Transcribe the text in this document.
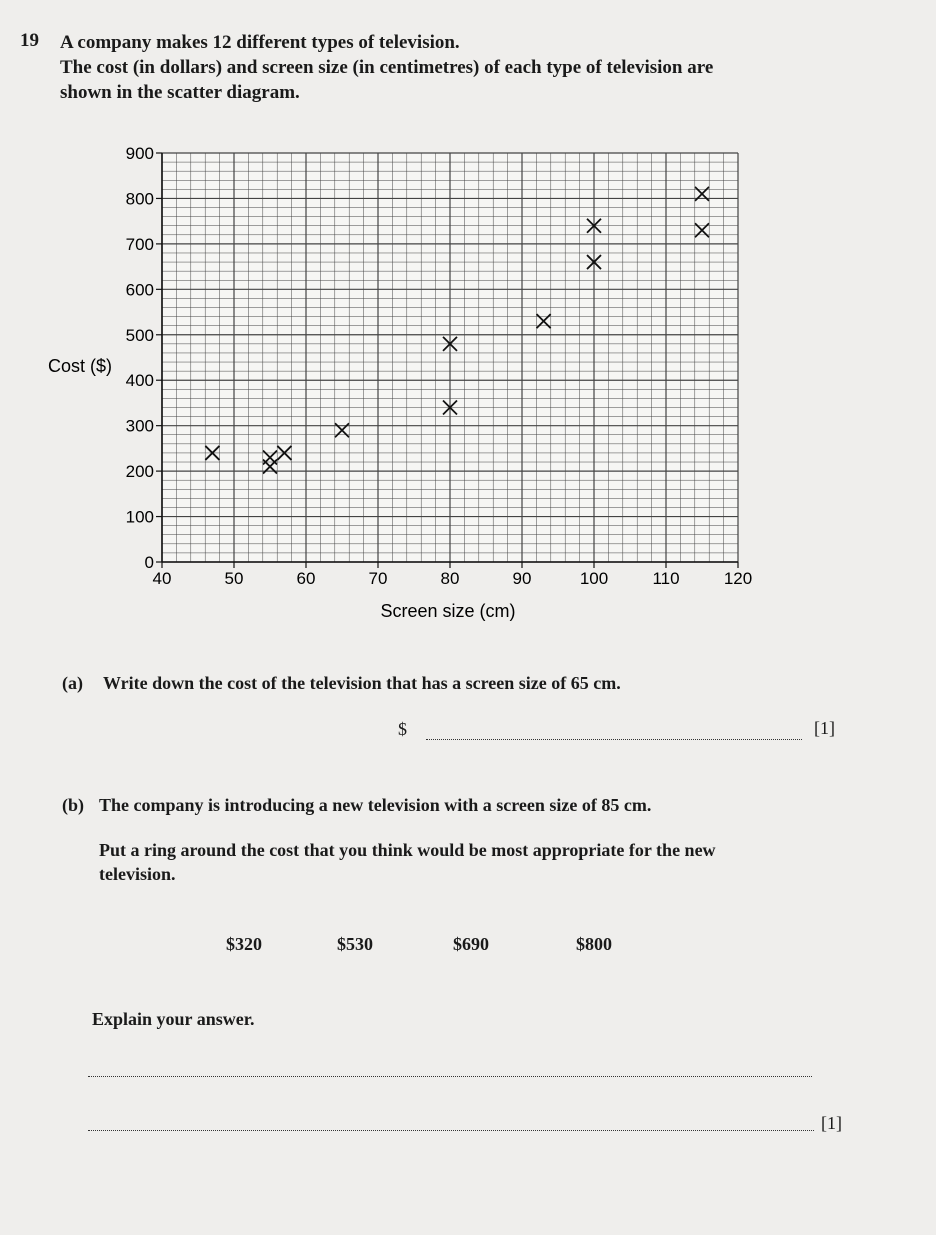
19 A company makes 12 different types of television.
The cost (in dollars) and screen size (in centimetres) of each type of television are
shown in the scatter diagram.
0
100
200
300
400
500
600
700
800
900
40	50	60	70	80	90	100	110	120
Cost ($)
Screen size (cm)
(a) Write down the cost of the television that has a screen size of 65 cm.
$	[1]
(b) The company is introducing a new television with a screen size of 85 cm.
Put a ring around the cost that you think would be most appropriate for the new
television.
$320	$530	$690	$800
Explain your answer.
[1]
